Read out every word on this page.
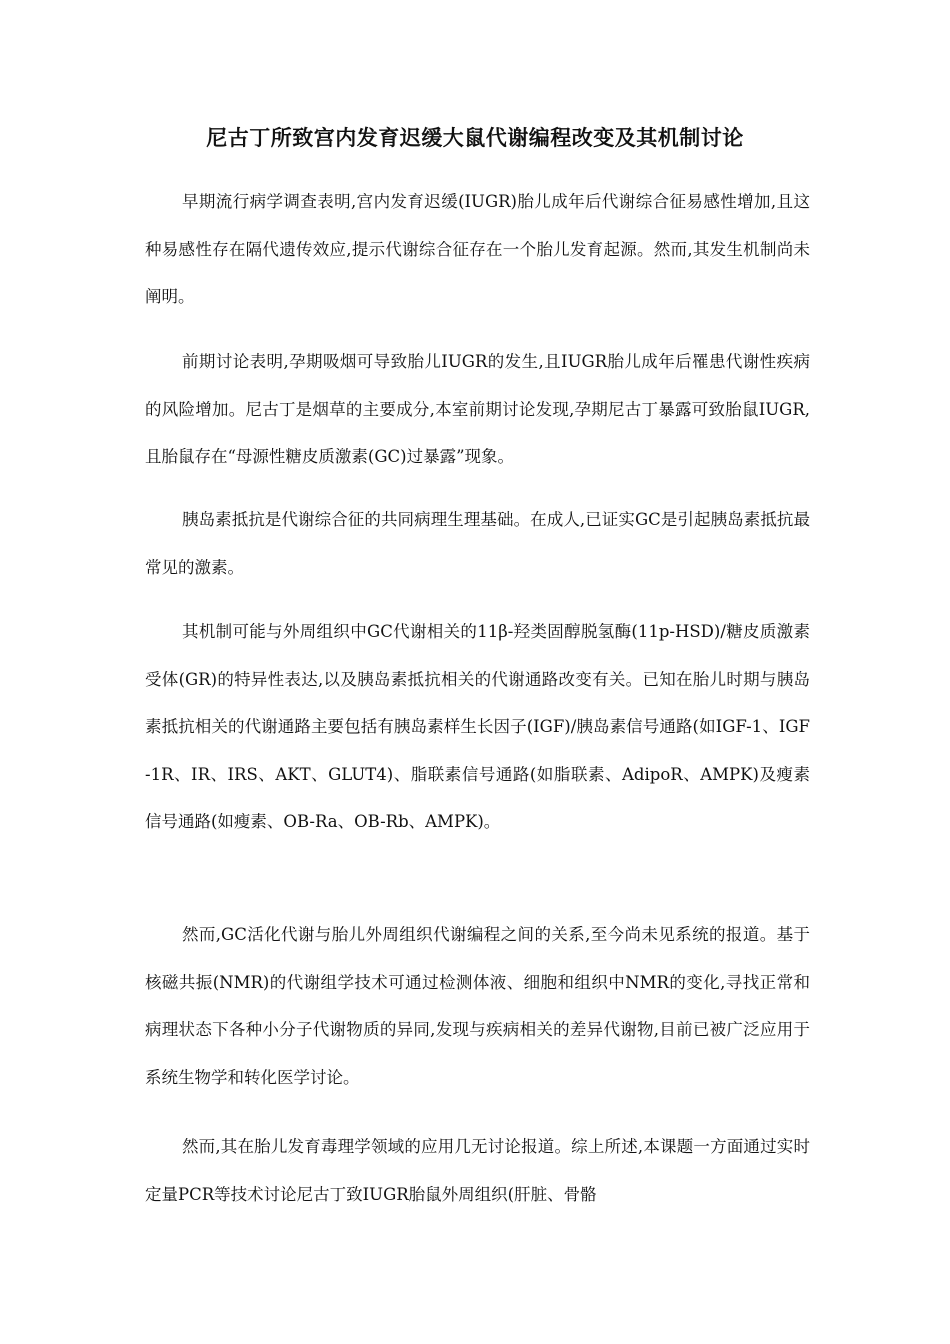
尼古丁所致宫内发育迟缓大鼠代谢编程改变及其机制讨论

早期流行病学调查表明,宫内发育迟缓(IUGR)胎儿成年后代谢综合征易感性增加,且这种易感性存在隔代遗传效应,提示代谢综合征存在一个胎儿发育起源。然而,其发生机制尚未阐明。

前期讨论表明,孕期吸烟可导致胎儿IUGR的发生,且IUGR胎儿成年后罹患代谢性疾病的风险增加。尼古丁是烟草的主要成分,本室前期讨论发现,孕期尼古丁暴露可致胎鼠IUGR,且胎鼠存在“母源性糖皮质激素(GC)过暴露”现象。

胰岛素抵抗是代谢综合征的共同病理生理基础。在成人,已证实GC是引起胰岛素抵抗最常见的激素。

其机制可能与外周组织中GC代谢相关的11β-羟类固醇脱氢酶(11p-HSD)/糖皮质激素受体(GR)的特异性表达,以及胰岛素抵抗相关的代谢通路改变有关。已知在胎儿时期与胰岛素抵抗相关的代谢通路主要包括有胰岛素样生长因子(IGF)/胰岛素信号通路(如IGF-1、IGF-1R、IR、IRS、AKT、GLUT4)、脂联素信号通路(如脂联素、AdipoR、AMPK)及瘦素信号通路(如瘦素、OB-Ra、OB-Rb、AMPK)。

然而,GC活化代谢与胎儿外周组织代谢编程之间的关系,至今尚未见系统的报道。基于核磁共振(NMR)的代谢组学技术可通过检测体液、细胞和组织中NMR的变化,寻找正常和病理状态下各种小分子代谢物质的异同,发现与疾病相关的差异代谢物,目前已被广泛应用于系统生物学和转化医学讨论。

然而,其在胎儿发育毒理学领域的应用几无讨论报道。综上所述,本课题一方面通过实时定量PCR等技术讨论尼古丁致IUGR胎鼠外周组织(肝脏、骨骼
